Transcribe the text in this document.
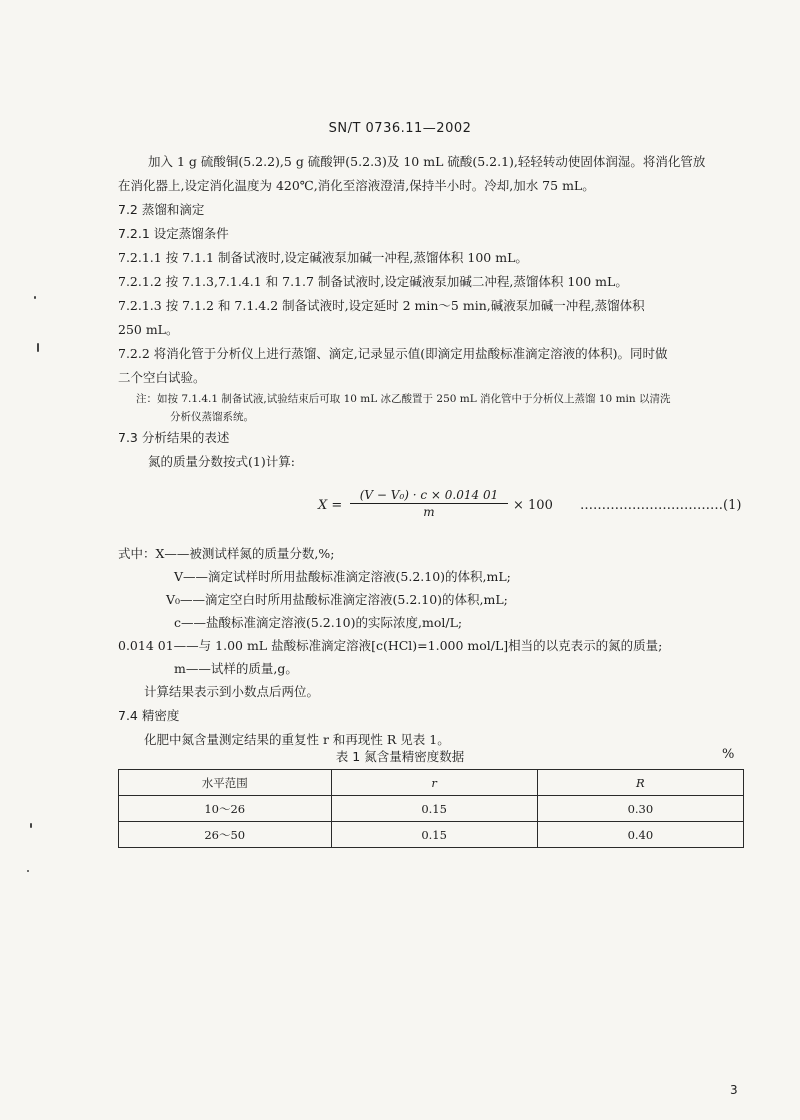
SN/T 0736.11—2002
加入 1 g 硫酸铜(5.2.2),5 g 硫酸钾(5.2.3)及 10 mL 硫酸(5.2.1),轻轻转动使固体润湿。将消化管放
在消化器上,设定消化温度为 420℃,消化至溶液澄清,保持半小时。冷却,加水 75 mL。
7.2 蒸馏和滴定
7.2.1 设定蒸馏条件
7.2.1.1 按 7.1.1 制备试液时,设定碱液泵加碱一冲程,蒸馏体积 100 mL。
7.2.1.2 按 7.1.3,7.1.4.1 和 7.1.7 制备试液时,设定碱液泵加碱二冲程,蒸馏体积 100 mL。
7.2.1.3 按 7.1.2 和 7.1.4.2 制备试液时,设定延时 2 min～5 min,碱液泵加碱一冲程,蒸馏体积
250 mL。
7.2.2 将消化管于分析仪上进行蒸馏、滴定,记录显示值(即滴定用盐酸标准滴定溶液的体积)。同时做
二个空白试验。
注：如按 7.1.4.1 制备试液,试验结束后可取 10 mL 冰乙酸置于 250 mL 消化管中于分析仪上蒸馏 10 min 以清洗
分析仪蒸馏系统。
7.3 分析结果的表述
氮的质量分数按式(1)计算:
$X = \frac{\text{(V − V₀) · c × 0.014 01}}{m} \times 100$ ……………………………(1)
式中：X——被测试样氮的质量分数,%;
V——滴定试样时所用盐酸标准滴定溶液(5.2.10)的体积,mL;
V₀——滴定空白时所用盐酸标准滴定溶液(5.2.10)的体积,mL;
c——盐酸标准滴定溶液(5.2.10)的实际浓度,mol/L;
0.014 01——与 1.00 mL 盐酸标准滴定溶液[c(HCl)=1.000 mol/L]相当的以克表示的氮的质量;
m——试样的质量,g。
计算结果表示到小数点后两位。
7.4 精密度
化肥中氮含量测定结果的重复性 r 和再现性 R 见表 1。
表 1 氮含量精密度数据	%
水平范围	r	R
10～26	0.15	0.30
26～50	0.15	0.40
3
